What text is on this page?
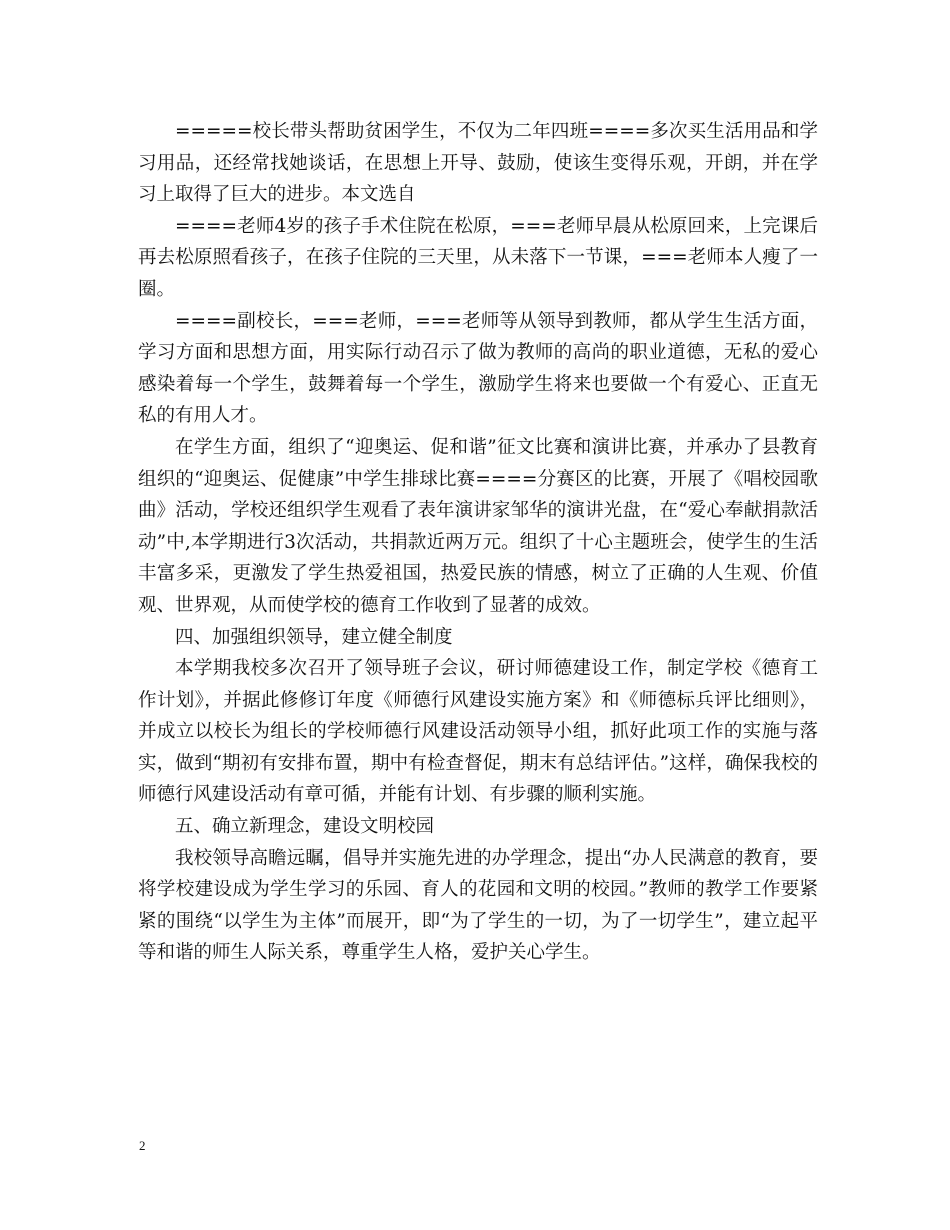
=====校长带头帮助贫困学生，不仅为二年四班====多次买生活用品和学习用品，还经常找她谈话，在思想上开导、鼓励，使该生变得乐观，开朗，并在学习上取得了巨大的进步。本文选自

====老师4岁的孩子手术住院在松原，===老师早晨从松原回来，上完课后再去松原照看孩子，在孩子住院的三天里，从未落下一节课，===老师本人瘦了一圈。

====副校长，===老师，===老师等从领导到教师，都从学生生活方面，学习方面和思想方面，用实际行动召示了做为教师的高尚的职业道德，无私的爱心感染着每一个学生，鼓舞着每一个学生，激励学生将来也要做一个有爱心、正直无私的有用人才。

在学生方面，组织了“迎奥运、促和谐”征文比赛和演讲比赛，并承办了县教育组织的“迎奥运、促健康”中学生排球比赛====分赛区的比赛，开展了《唱校园歌曲》活动，学校还组织学生观看了表年演讲家邹华的演讲光盘，在“爱心奉献捐款活动”中,本学期进行3次活动，共捐款近两万元。组织了十心主题班会，使学生的生活丰富多采，更激发了学生热爱祖国，热爱民族的情感，树立了正确的人生观、价值观、世界观，从而使学校的德育工作收到了显著的成效。

四、加强组织领导，建立健全制度

本学期我校多次召开了领导班子会议，研讨师德建设工作，制定学校《德育工作计划》，并据此修修订年度《师德行风建设实施方案》和《师德标兵评比细则》，并成立以校长为组长的学校师德行风建设活动领导小组，抓好此项工作的实施与落实，做到“期初有安排布置，期中有检查督促，期末有总结评估。”这样，确保我校的师德行风建设活动有章可循，并能有计划、有步骤的顺利实施。

五、确立新理念，建设文明校园

我校领导高瞻远瞩，倡导并实施先进的办学理念，提出“办人民满意的教育，要将学校建设成为学生学习的乐园、育人的花园和文明的校园。”教师的教学工作要紧紧的围绕“以学生为主体”而展开，即“为了学生的一切，为了一切学生”，建立起平等和谐的师生人际关系，尊重学生人格，爱护关心学生。

2
